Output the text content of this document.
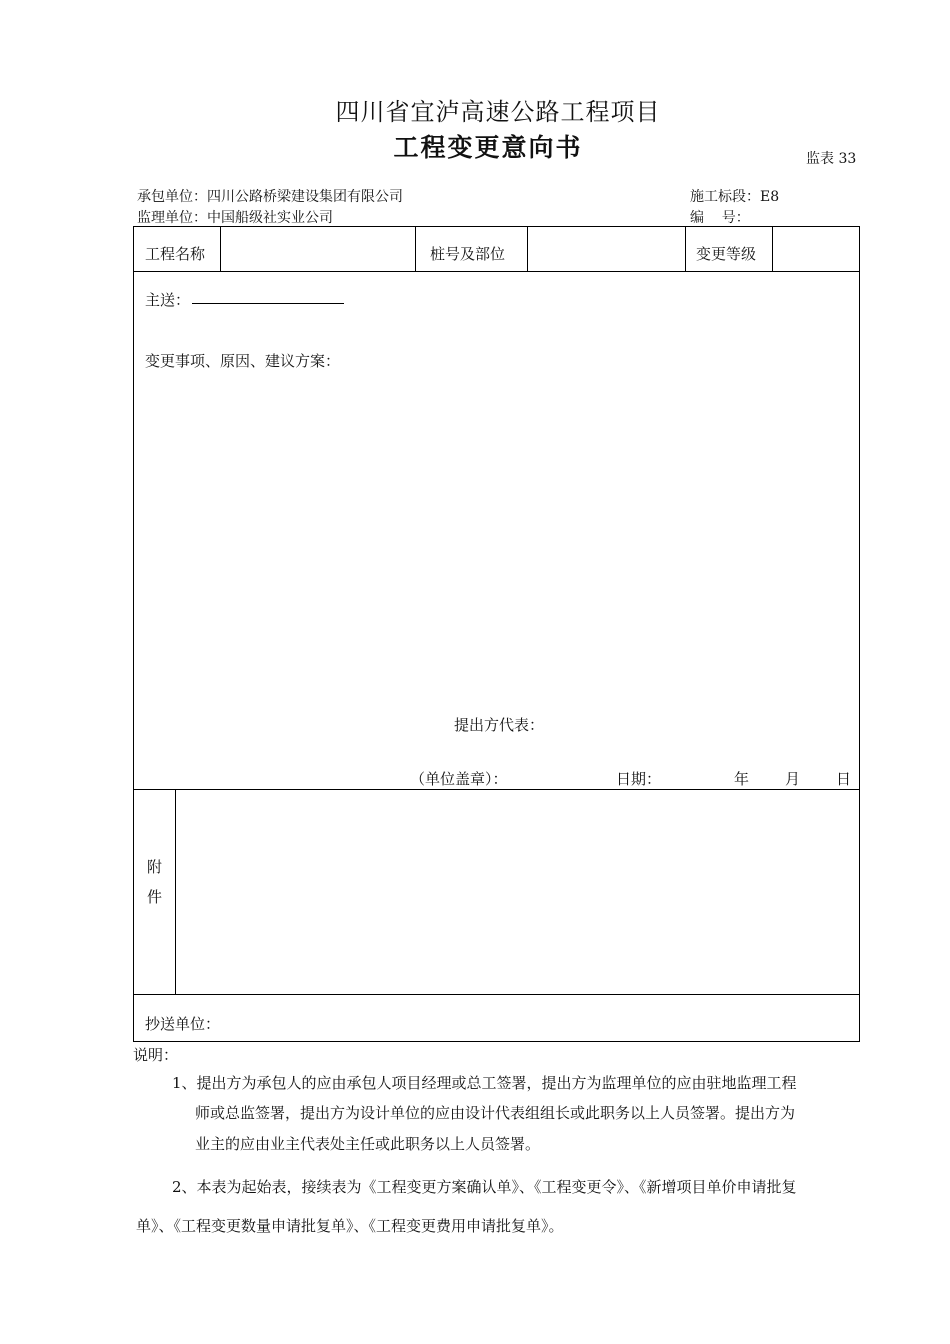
四川省宜泸高速公路工程项目
工程变更意向书	监表 33
承包单位：四川公路桥梁建设集团有限公司	施工标段：E8
监理单位：中国船级社实业公司	编    号：
工程名称	桩号及部位	变更等级
主送：
变更事项、原因、建议方案：
提出方代表：
（单位盖章）：	日期：	年 月 日
附
件
抄送单位：
说明：
1、提出方为承包人的应由承包人项目经理或总工签署，提出方为监理单位的应由驻地监理工程
师或总监签署，提出方为设计单位的应由设计代表组组长或此职务以上人员签署。提出方为
业主的应由业主代表处主任或此职务以上人员签署。
2、本表为起始表，接续表为《工程变更方案确认单》、《工程变更令》、《新增项目单价申请批复
单》、《工程变更数量申请批复单》、《工程变更费用申请批复单》。
